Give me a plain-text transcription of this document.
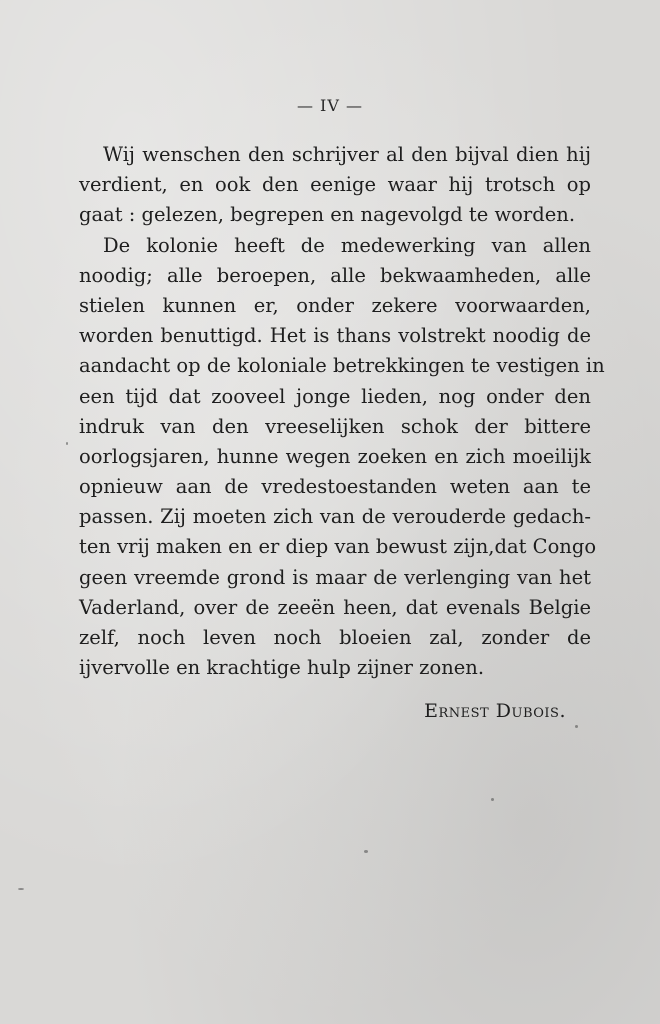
— IV —
Wij wenschen den schrijver al den bijval dien hij
verdient, en ook den eenige waar hij trotsch op
gaat : gelezen, begrepen en nagevolgd te worden.
De kolonie heeft de medewerking van allen
noodig; alle beroepen, alle bekwaamheden, alle
stielen kunnen er, onder zekere voorwaarden,
worden benuttigd. Het is thans volstrekt noodig de
aandacht op de koloniale betrekkingen te vestigen in
een tijd dat zooveel jonge lieden, nog onder den
indruk van den vreeselijken schok der bittere
oorlogsjaren, hunne wegen zoeken en zich moeilijk
opnieuw aan de vredestoestanden weten aan te
passen. Zij moeten zich van de verouderde gedach-
ten vrij maken en er diep van bewust zijn,dat Congo
geen vreemde grond is maar de verlenging van het
Vaderland, over de zeeën heen, dat evenals Belgie
zelf, noch leven noch bloeien zal, zonder de
ijvervolle en krachtige hulp zijner zonen.
Ernest Dubois.
